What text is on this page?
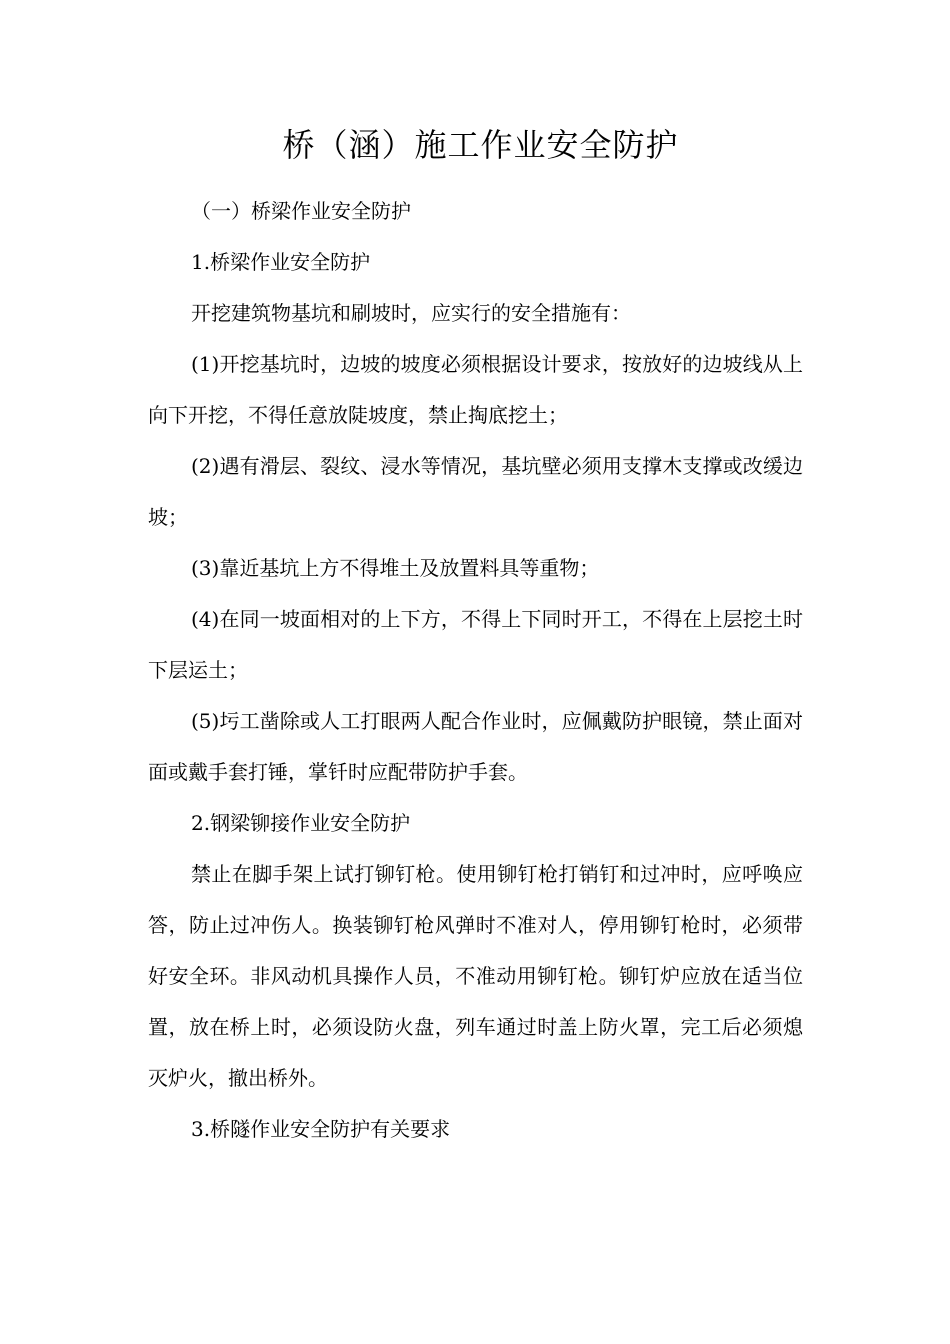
桥（涵）施工作业安全防护

（一）桥梁作业安全防护

1.桥梁作业安全防护

开挖建筑物基坑和刷坡时，应实行的安全措施有：

(1)开挖基坑时，边坡的坡度必须根据设计要求，按放好的边坡线从上向下开挖，不得任意放陡坡度，禁止掏底挖土；

(2)遇有滑层、裂纹、浸水等情况，基坑壁必须用支撑木支撑或改缓边坡；

(3)靠近基坑上方不得堆土及放置料具等重物；

(4)在同一坡面相对的上下方，不得上下同时开工，不得在上层挖土时下层运土；

(5)圬工凿除或人工打眼两人配合作业时，应佩戴防护眼镜，禁止面对面或戴手套打锤，掌钎时应配带防护手套。

2.钢梁铆接作业安全防护

禁止在脚手架上试打铆钉枪。使用铆钉枪打销钉和过冲时，应呼唤应答，防止过冲伤人。换装铆钉枪风弹时不准对人，停用铆钉枪时，必须带好安全环。非风动机具操作人员，不准动用铆钉枪。铆钉炉应放在适当位置，放在桥上时，必须设防火盘，列车通过时盖上防火罩，完工后必须熄灭炉火，撤出桥外。

3.桥隧作业安全防护有关要求
